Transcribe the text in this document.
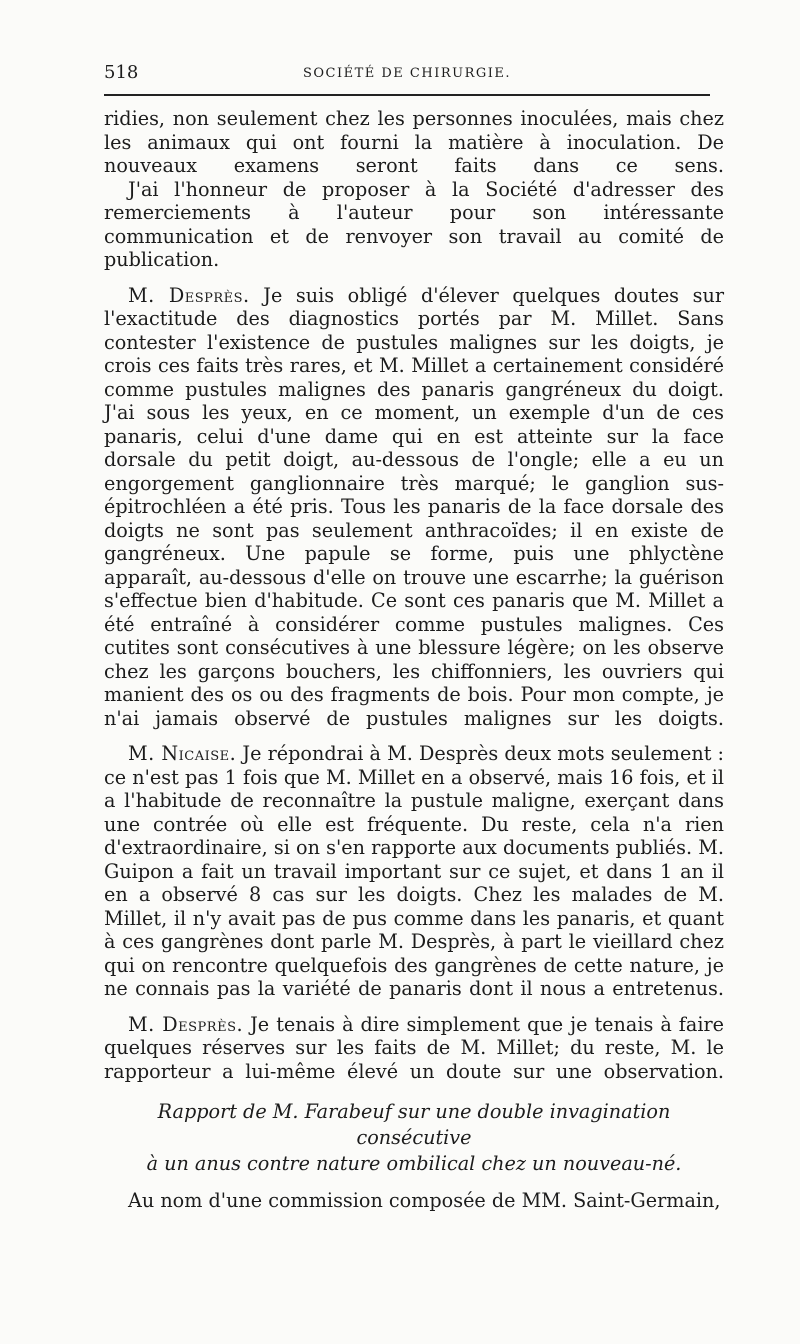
518	SOCIÉTÉ DE CHIRURGIE.

ridies, non seulement chez les personnes inoculées, mais chez les animaux qui ont fourni la matière à inoculation. De nouveaux examens seront faits dans ce sens.

J'ai l'honneur de proposer à la Société d'adresser des remerciements à l'auteur pour son intéressante communication et de renvoyer son travail au comité de publication.

M. Desprès. Je suis obligé d'élever quelques doutes sur l'exactitude des diagnostics portés par M. Millet. Sans contester l'existence de pustules malignes sur les doigts, je crois ces faits très rares, et M. Millet a certainement considéré comme pustules malignes des panaris gangréneux du doigt. J'ai sous les yeux, en ce moment, un exemple d'un de ces panaris, celui d'une dame qui en est atteinte sur la face dorsale du petit doigt, au-dessous de l'ongle; elle a eu un engorgement ganglionnaire très marqué; le ganglion sus-épitrochléen a été pris. Tous les panaris de la face dorsale des doigts ne sont pas seulement anthracoïdes; il en existe de gangréneux. Une papule se forme, puis une phlyctène apparaît, au-dessous d'elle on trouve une escarrhe; la guérison s'effectue bien d'habitude. Ce sont ces panaris que M. Millet a été entraîné à considérer comme pustules malignes. Ces cutites sont consécutives à une blessure légère; on les observe chez les garçons bouchers, les chiffonniers, les ouvriers qui manient des os ou des fragments de bois. Pour mon compte, je n'ai jamais observé de pustules malignes sur les doigts.

M. Nicaise. Je répondrai à M. Desprès deux mots seulement : ce n'est pas 1 fois que M. Millet en a observé, mais 16 fois, et il a l'habitude de reconnaître la pustule maligne, exerçant dans une contrée où elle est fréquente. Du reste, cela n'a rien d'extraordinaire, si on s'en rapporte aux documents publiés. M. Guipon a fait un travail important sur ce sujet, et dans 1 an il en a observé 8 cas sur les doigts. Chez les malades de M. Millet, il n'y avait pas de pus comme dans les panaris, et quant à ces gangrènes dont parle M. Desprès, à part le vieillard chez qui on rencontre quelquefois des gangrènes de cette nature, je ne connais pas la variété de panaris dont il nous a entretenus.

M. Desprès. Je tenais à dire simplement que je tenais à faire quelques réserves sur les faits de M. Millet; du reste, M. le rapporteur a lui-même élevé un doute sur une observation.

Rapport de M. Farabeuf sur une double invagination consécutive
à un anus contre nature ombilical chez un nouveau-né.

Au nom d'une commission composée de MM. Saint-Germain,
